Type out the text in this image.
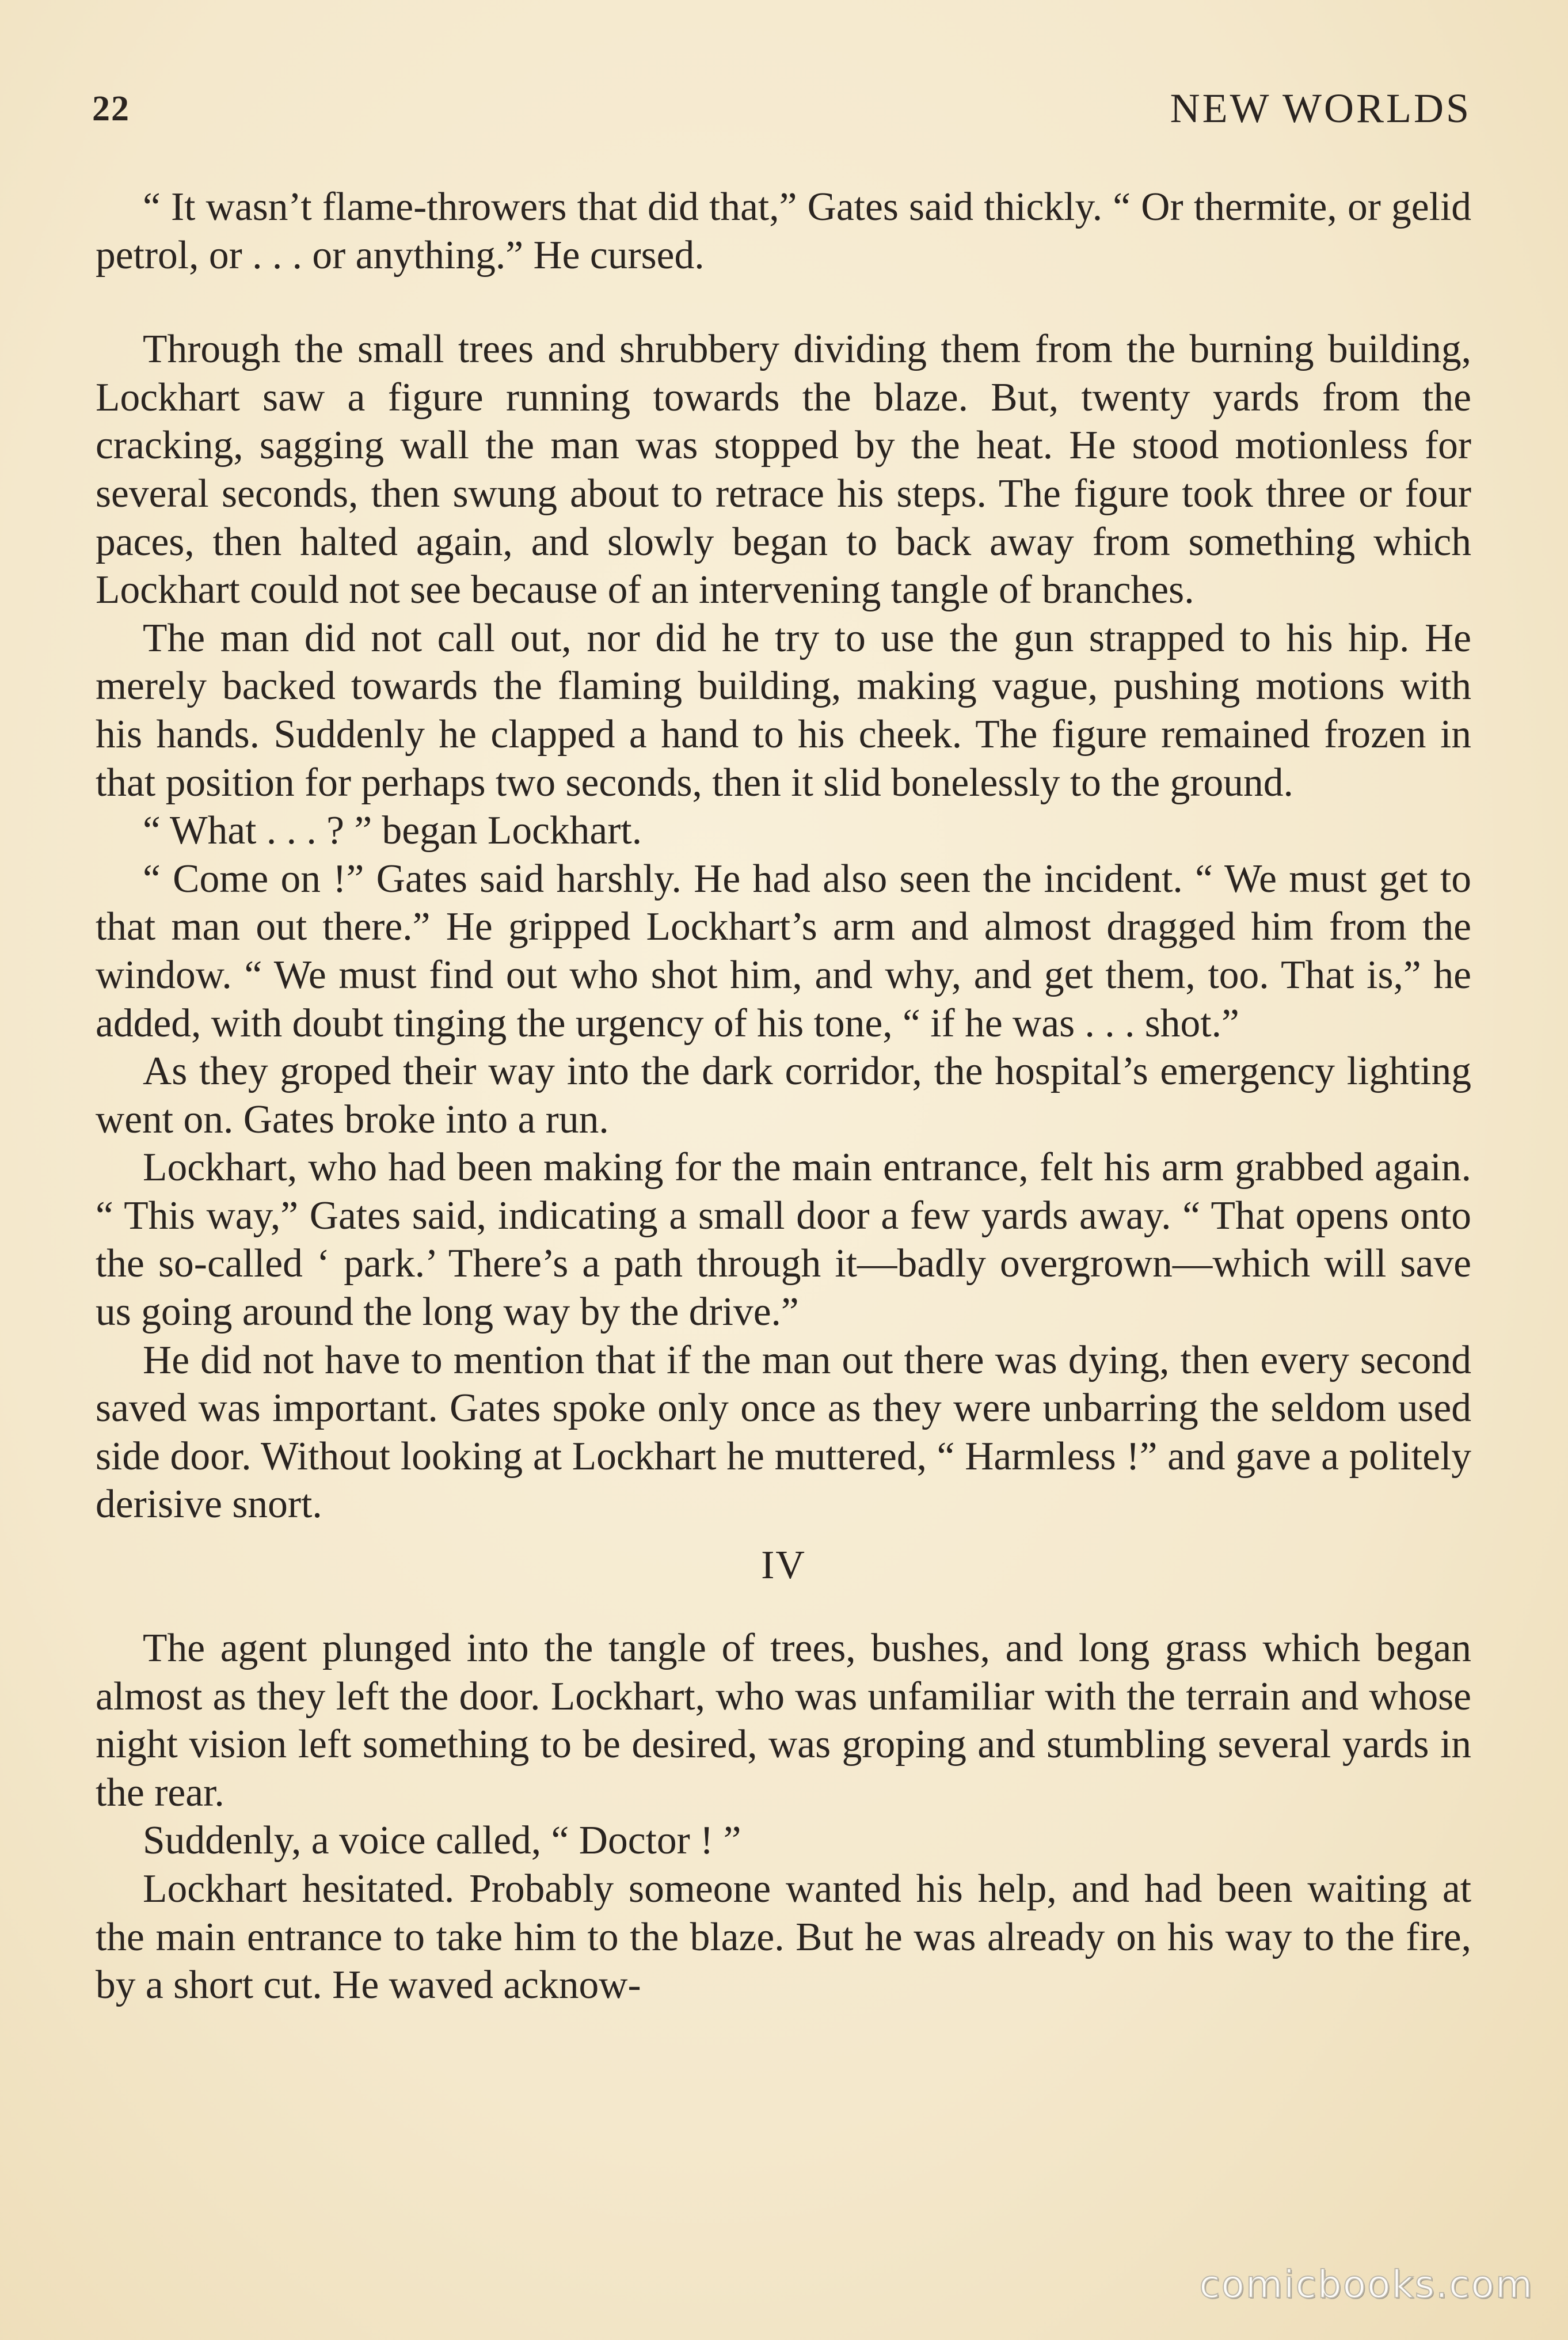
22	NEW WORLDS

“ It wasn’t flame-throwers that did that,” Gates said thickly. “ Or thermite, or gelid petrol, or . . . or anything.” He cursed.

Through the small trees and shrubbery dividing them from the burning building, Lockhart saw a figure running towards the blaze. But, twenty yards from the cracking, sagging wall the man was stopped by the heat. He stood motionless for several seconds, then swung about to retrace his steps. The figure took three or four paces, then halted again, and slowly began to back away from something which Lockhart could not see because of an intervening tangle of branches.

The man did not call out, nor did he try to use the gun strapped to his hip. He merely backed towards the flaming building, making vague, pushing motions with his hands. Suddenly he clapped a hand to his cheek. The figure remained frozen in that position for perhaps two seconds, then it slid bonelessly to the ground.

“ What . . . ? ” began Lockhart.

“ Come on !” Gates said harshly. He had also seen the incident. “ We must get to that man out there.” He gripped Lockhart’s arm and almost dragged him from the window. “ We must find out who shot him, and why, and get them, too. That is,” he added, with doubt tinging the urgency of his tone, “ if he was . . . shot.”

As they groped their way into the dark corridor, the hospital’s emergency lighting went on. Gates broke into a run.

Lockhart, who had been making for the main entrance, felt his arm grabbed again. “ This way,” Gates said, indicating a small door a few yards away. “ That opens onto the so-called ‘ park.’ There’s a path through it—badly overgrown—which will save us going around the long way by the drive.”

He did not have to mention that if the man out there was dying, then every second saved was important. Gates spoke only once as they were unbarring the seldom used side door. Without looking at Lockhart he muttered, “ Harmless !” and gave a politely derisive snort.

IV

The agent plunged into the tangle of trees, bushes, and long grass which began almost as they left the door. Lockhart, who was unfamiliar with the terrain and whose night vision left something to be desired, was groping and stumbling several yards in the rear.

Suddenly, a voice called, “ Doctor ! ”

Lockhart hesitated. Probably someone wanted his help, and had been waiting at the main entrance to take him to the blaze. But he was already on his way to the fire, by a short cut. He waved acknow-

comicbooks.com
